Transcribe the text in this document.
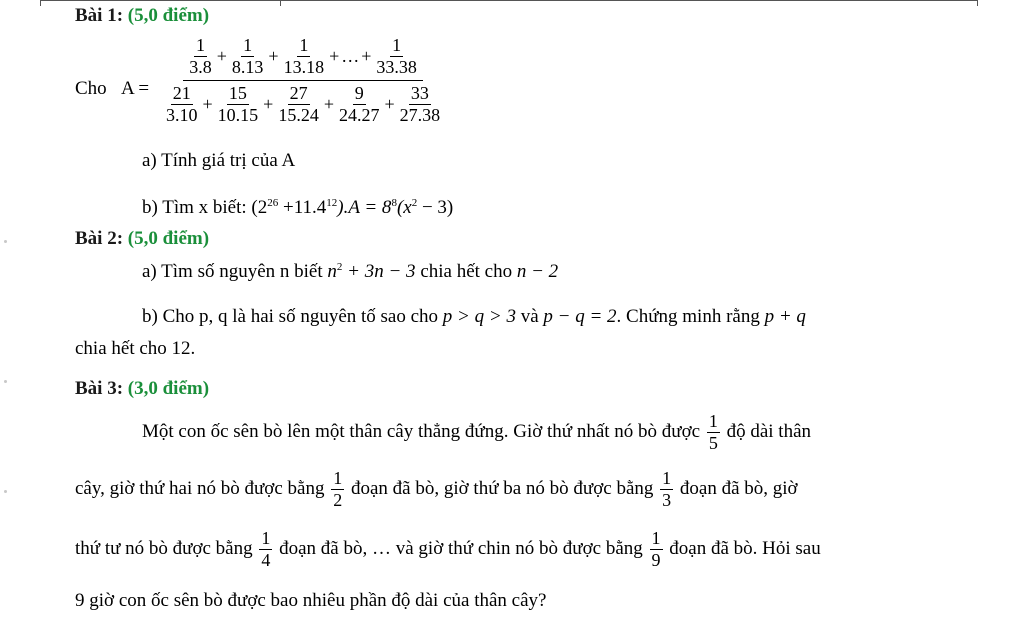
Bài 1: (5,0 điểm)
Cho $A = \frac{\frac{1}{3.8} + \frac{1}{8.13} + \frac{1}{13.18} + \dots + \frac{1}{33.38}}{\frac{21}{3.10} + \frac{15}{10.15} + \frac{27}{15.24} + \frac{9}{24.27} + \frac{33}{27.38}}$
a) Tính giá trị của A
b) Tìm x biết: $(2^{26} +11.4^{12}).A = 8^8(x^2 - 3)$
Bài 2: (5,0 điểm)
a) Tìm số nguyên n biết $n^2 + 3n - 3$ chia hết cho n − 2
b) Cho p, q là hai số nguyên tố sao cho p > q > 3 và p − q = 2. Chứng minh rằng p + q
chia hết cho 12.
Bài 3: (3,0 điểm)
Một con ốc sên bò lên một thân cây thẳng đứng. Giờ thứ nhất nó bò được $\frac{1}{5}$ độ dài thân
cây, giờ thứ hai nó bò được bằng $\frac{1}{2}$ đoạn đã bò, giờ thứ ba nó bò được bằng $\frac{1}{3}$ đoạn đã bò, giờ
thứ tư nó bò được bằng $\frac{1}{4}$ đoạn đã bò, … và giờ thứ chin nó bò được bằng $\frac{1}{9}$ đoạn đã bò. Hỏi sau
9 giờ con ốc sên bò được bao nhiêu phần độ dài của thân cây?
